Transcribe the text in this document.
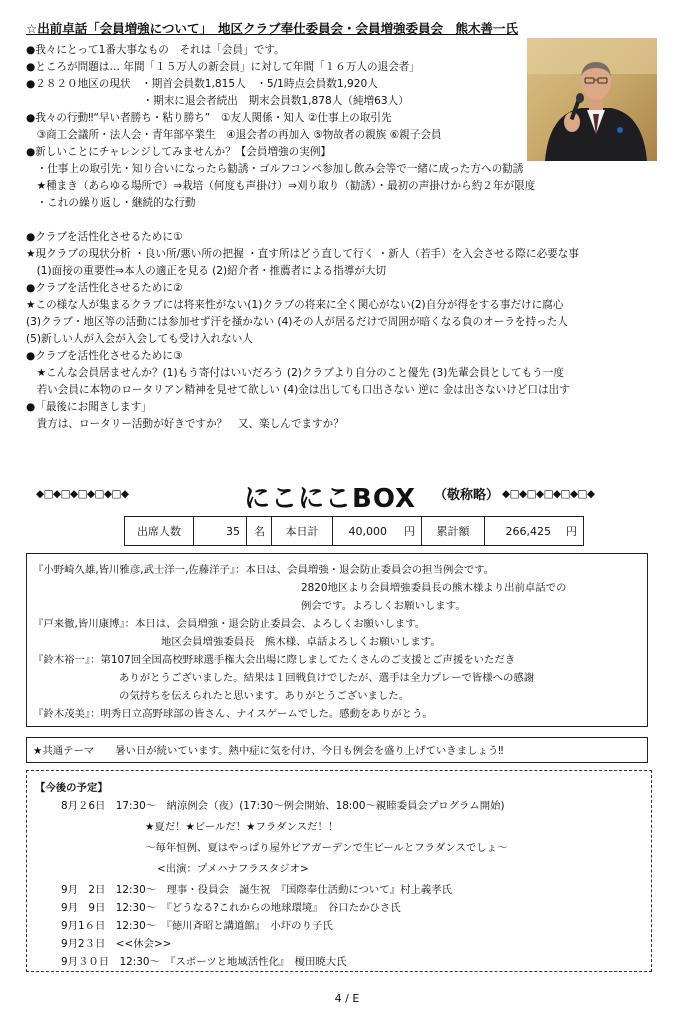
☆出前卓話「会員増強について」　地区クラブ奉仕委員会・会員増強委員会　熊木善一氏
●我々にとって1番大事なもの　それは「会員」です。
●ところが問題は… 年間「１５万人の新会員」に対して年間「１６万人の退会者」
●２８２０地区の現状　・期首会員数1,815人　・5/1時点会員数1,920人
　　　　　　　　　　　・期末に退会者続出　期末会員数1,878人（純増63人）
●我々の行動‼“早い者勝ち・粘り勝ち”　①友人関係・知人 ②仕事上の取引先
　③商工会議所・法人会・青年部卒業生　④退会者の再加入 ⑤物故者の親族 ⑥親子会員
●新しいことにチャレンジしてみませんか？【会員増強の実例】
　・仕事上の取引先・知り合いになったら勧誘・ゴルフコンペ参加し飲み会等で一緒に成った方への勧誘
　★種まき（あらゆる場所で）⇒栽培（何度も声掛け）⇒刈り取り（勧誘）・最初の声掛けから約２年が限度
　・これの繰り返し・継続的な行動
●クラブを活性化させるために①
★現クラブの現状分析 ・良い所/悪い所の把握 ・直す所はどう直して行く ・新人（若手）を入会させる際に必要な事
　(1)面接の重要性⇒本人の適正を見る (2)紹介者・推薦者による指導が大切
●クラブを活性化させるために②
★この様な人が集まるクラブには将来性がない(1)クラブの将来に全く関心がない(2)自分が得をする事だけに腐心
(3)クラブ・地区等の活動には参加せず汗を掻かない (4)その人が居るだけで周囲が暗くなる負のオーラを持った人
(5)新しい人が入会が入会しても受け入れない人
●クラブを活性化させるために③
　★こんな会員居ませんか？(1)もう寄付はいいだろう (2)クラブより自分のこと優先 (3)先輩会員としてもう一度
　若い会員に本物のロータリアン精神を見せて欲しい (4)金は出しても口出さない 逆に 金は出さないけど口は出す
●「最後にお聞きします」
　貴方は、ロータリー活動が好きですか？　又、楽しんでますか？
◆□◆□◆□◆□◆□◆	にこにこBOX （敬称略） ◆□◆□◆□◆□◆□◆
出席人数	35	名	本日計	40,000	円	累計額	266,425	円
『小野崎久雄,皆川雅彦,武士洋一,佐藤洋子』：本日は、会員増強・退会防止委員会の担当例会です。
2820地区より会員増強委員長の熊木様より出前卓話での
例会です。よろしくお願いします。
『戸来徹,皆川康博』：本日は、会員増強・退会防止委員会、よろしくお願いします。
地区会員増強委員長　熊木様、卓話よろしくお願いします。
『鈴木裕一』：第107回全国高校野球選手権大会出場に際しましてたくさんのご支援とご声援をいただき
ありがとうございました。結果は１回戦負けでしたが、選手は全力プレーで皆様への感謝
の気持ちを伝えられたと思います。ありがとうございました。
『鈴木茂美』：明秀日立高野球部の皆さん、ナイスゲームでした。感動をありがとう。
★共通テーマ　　暑い日が続いています。熱中症に気を付け、今日も例会を盛り上げていきましょう‼
【今後の予定】
8月２6日　17:30～　納涼例会（夜）(17:30～例会開始、18:00～親睦委員会プログラム開始)
★夏だ！★ビールだ！★フラダンスだ！！
～毎年恒例、夏はやっぱり屋外ビアガーデンで生ビールとフラダンスでしょ～
<出演：プメハナフラスタジオ>
9月　2日　12:30～　理事・役員会　誕生祝　『国際奉仕活動について』村上義孝氏
9月　9日　12:30～　『どうなる?これからの地球環境』　谷口たかひさ氏
9月1６日　12:30～　『徳川斉昭と講道館』　小圷のり子氏
9月2３日　<<休会>>
9月３０日　12:30～　『スポーツと地域活性化』　榎田暁大氏
4 / E
